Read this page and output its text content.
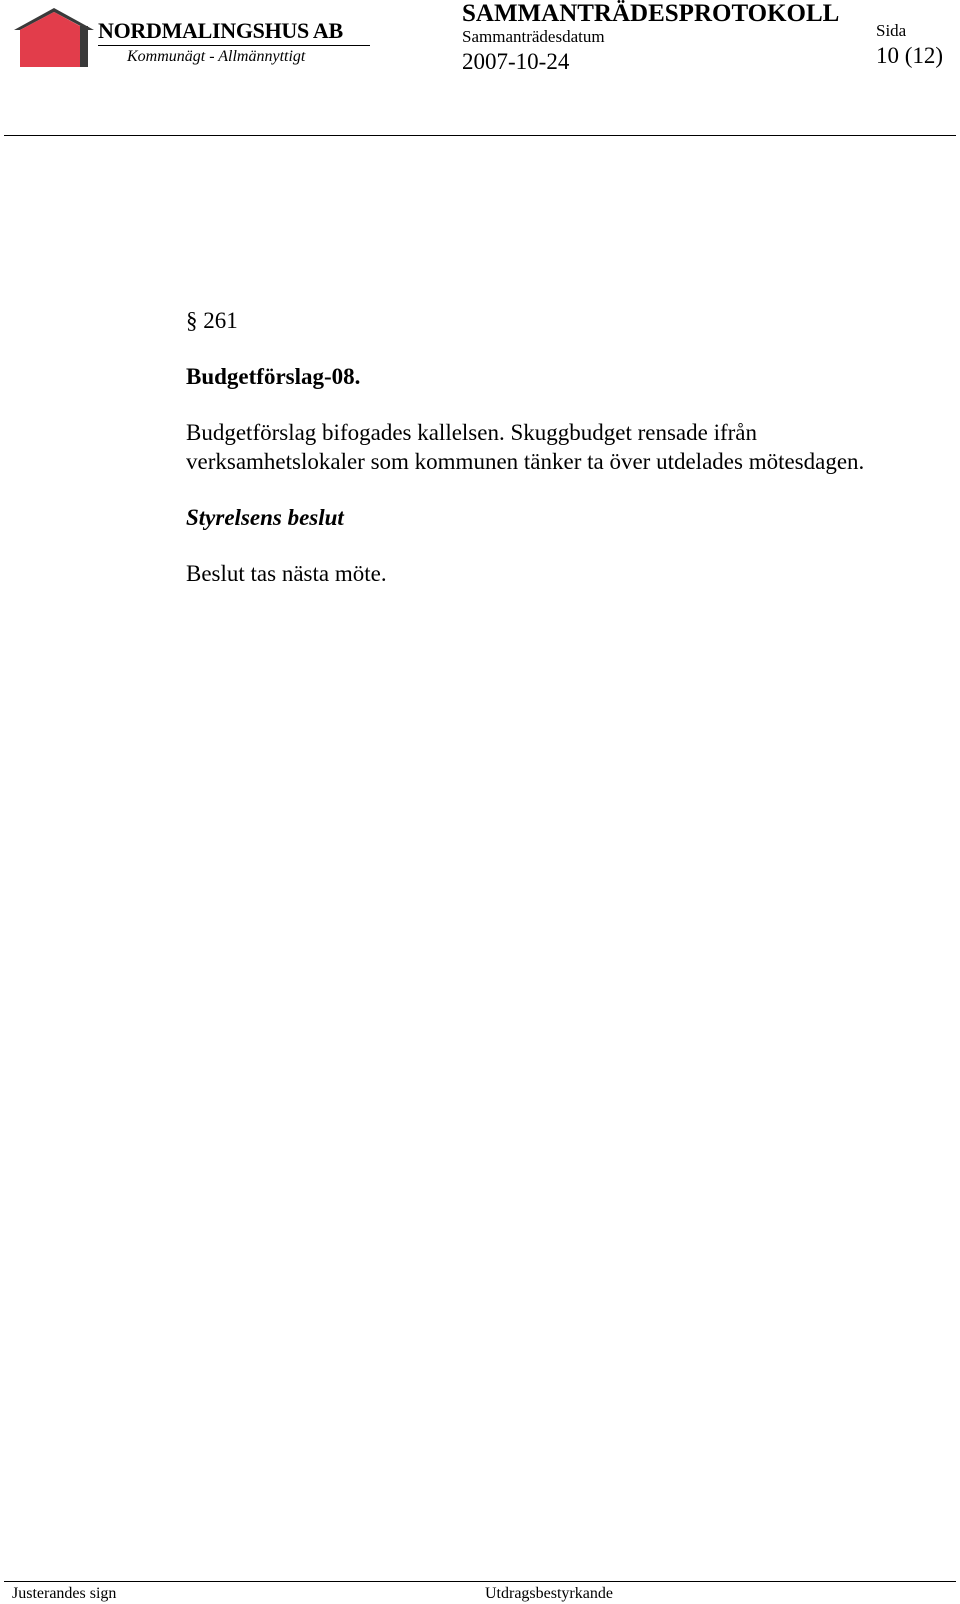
NORDMALINGSHUS AB
Kommunägt - Allmännyttigt
SAMMANTRÄDESPROTOKOLL
Sammanträdesdatum
2007-10-24
Sida
10 (12)

§ 261

Budgetförslag-08.

Budgetförslag bifogades kallelsen. Skuggbudget rensade ifrån verksamhetslokaler som kommunen tänker ta över utdelades mötesdagen.

Styrelsens beslut

Beslut tas nästa möte.

Justerandes sign	Utdragsbestyrkande
